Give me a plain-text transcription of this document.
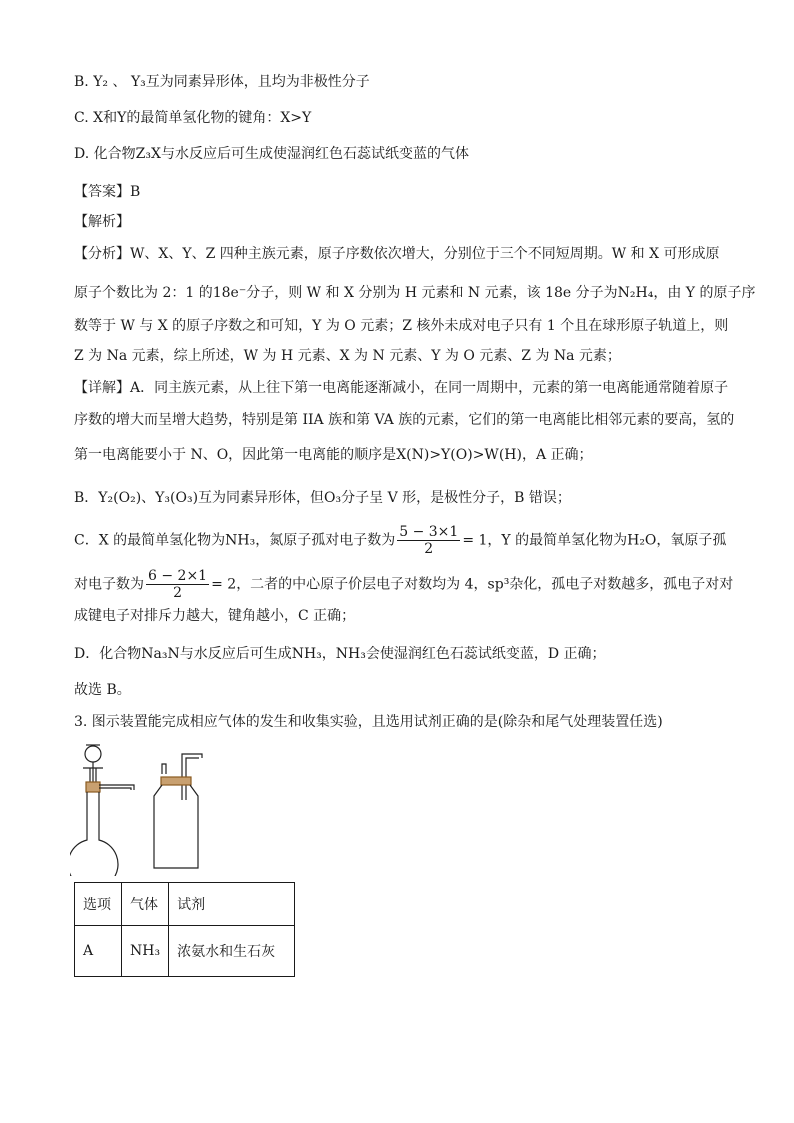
B. Y₂ 、 Y₃互为同素异形体，且均为非极性分子
C. X和Y的最简单氢化物的键角：X>Y
D. 化合物Z₃X与水反应后可生成使湿润红色石蕊试纸变蓝的气体
【答案】B
【解析】
【分析】W、X、Y、Z 四种主族元素，原子序数依次增大，分别位于三个不同短周期。W 和 X 可形成原
原子个数比为 2：1 的18e⁻分子，则 W 和 X 分别为 H 元素和 N 元素，该 18e 分子为N₂H₄，由 Y 的原子序
数等于 W 与 X 的原子序数之和可知，Y 为 O 元素；Z 核外未成对电子只有 1 个且在球形原子轨道上，则
Z 为 Na 元素，综上所述，W 为 H 元素、X 为 N 元素、Y 为 O 元素、Z 为 Na 元素；
【详解】A．同主族元素，从上往下第一电离能逐渐减小，在同一周期中，元素的第一电离能通常随着原子
序数的增大而呈增大趋势，特别是第 IIA 族和第 VA 族的元素，它们的第一电离能比相邻元素的要高，氢的
第一电离能要小于 N、O，因此第一电离能的顺序是X(N)>Y(O)>W(H)，A 正确；
B．Y₂(O₂)、Y₃(O₃)互为同素异形体，但O₃分子呈 V 形，是极性分子，B 错误；
C．X 的最简单氢化物为NH₃，氮原子孤对电子数为 $\frac{5 - 3\times 1}{2} = 1$，Y 的最简单氢化物为H₂O，氧原子孤
对电子数为 $\frac{6 - 2\times 1}{2} = 2$，二者的中心原子价层电子对数均为 4，sp³杂化，孤电子对数越多，孤电子对对
成键电子对排斥力越大，键角越小，C 正确；
D．化合物Na₃N与水反应后可生成NH₃，NH₃会使湿润红色石蕊试纸变蓝，D 正确；
故选 B。
3. 图示装置能完成相应气体的发生和收集实验，且选用试剂正确的是(除杂和尾气处理装置任选)
选项	气体	试剂
A	NH₃	浓氨水和生石灰
